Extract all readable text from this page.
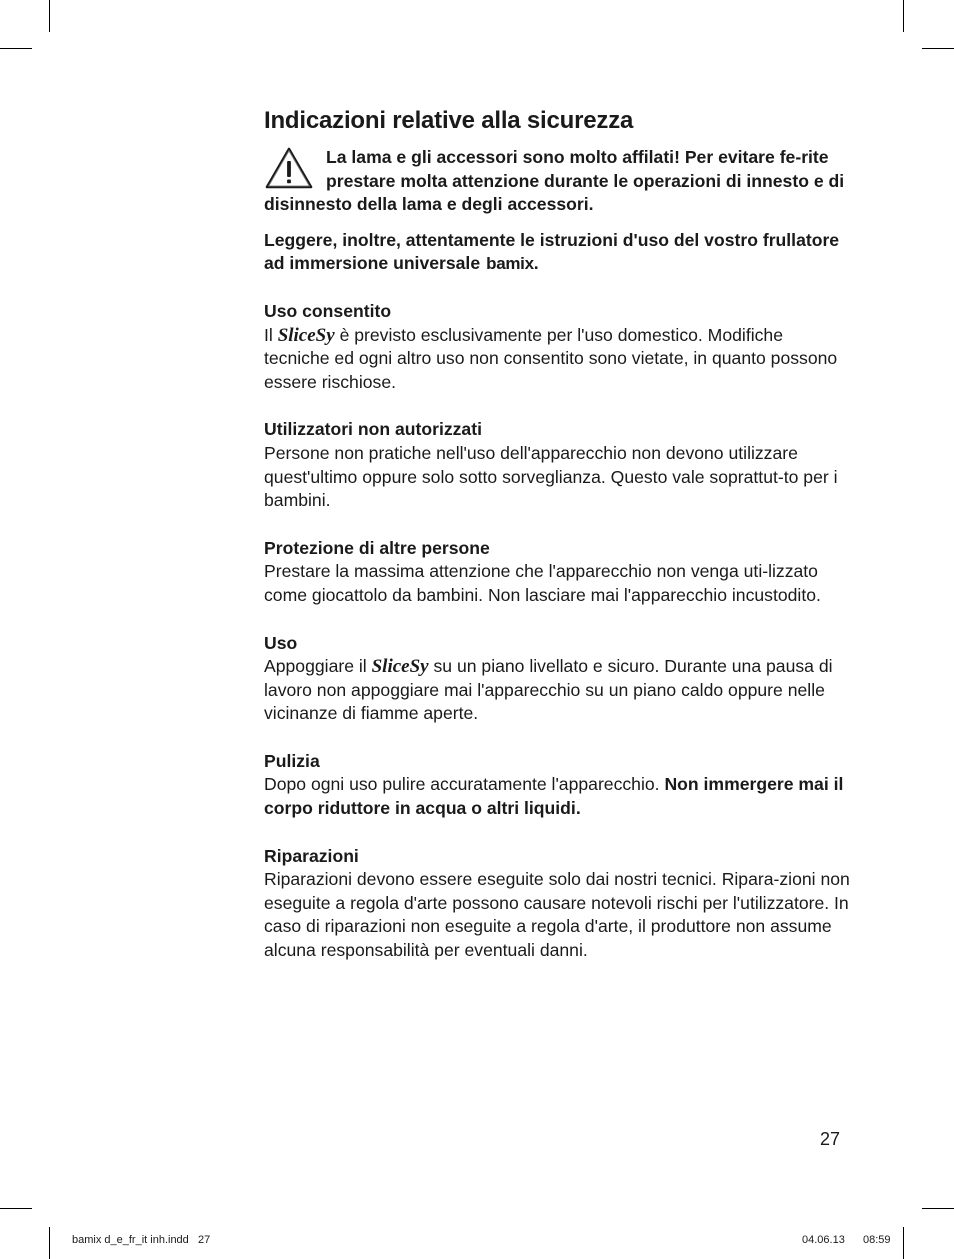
Indicazioni relative alla sicurezza
La lama e gli accessori sono molto affilati! Per evitare fe-rite prestare molta attenzione durante le operazioni di innesto e di disinnesto della lama e degli accessori.

Leggere, inoltre, attentamente le istruzioni d'uso del vostro frullatore ad immersione universale bamix.

Uso consentito

Il SliceSy è previsto esclusivamente per l'uso domestico. Modifiche tecniche ed ogni altro uso non consentito sono vietate, in quanto possono essere rischiose.

Utilizzatori non autorizzati

Persone non pratiche nell'uso dell'apparecchio non devono utilizzare quest'ultimo oppure solo sotto sorveglianza. Questo vale soprattut-to per i bambini.

Protezione di altre persone

Prestare la massima attenzione che l'apparecchio non venga uti-lizzato come giocattolo da bambini. Non lasciare mai l'apparecchio incustodito.

Uso

Appoggiare il SliceSy su un piano livellato e sicuro. Durante una pausa di lavoro non appoggiare mai l'apparecchio su un piano caldo oppure nelle vicinanze di fiamme aperte.

Pulizia

Dopo ogni uso pulire accuratamente l'apparecchio. Non immergere mai il corpo riduttore in acqua o altri liquidi.

Riparazioni

Riparazioni devono essere eseguite solo dai nostri tecnici. Ripara-zioni non eseguite a regola d'arte possono causare notevoli rischi per l'utilizzatore. In caso di riparazioni non eseguite a regola d'arte, il produttore non assume alcuna responsabilità per eventuali danni.

27
bamix d_e_fr_it inh.indd   27	04.06.13   08:59
